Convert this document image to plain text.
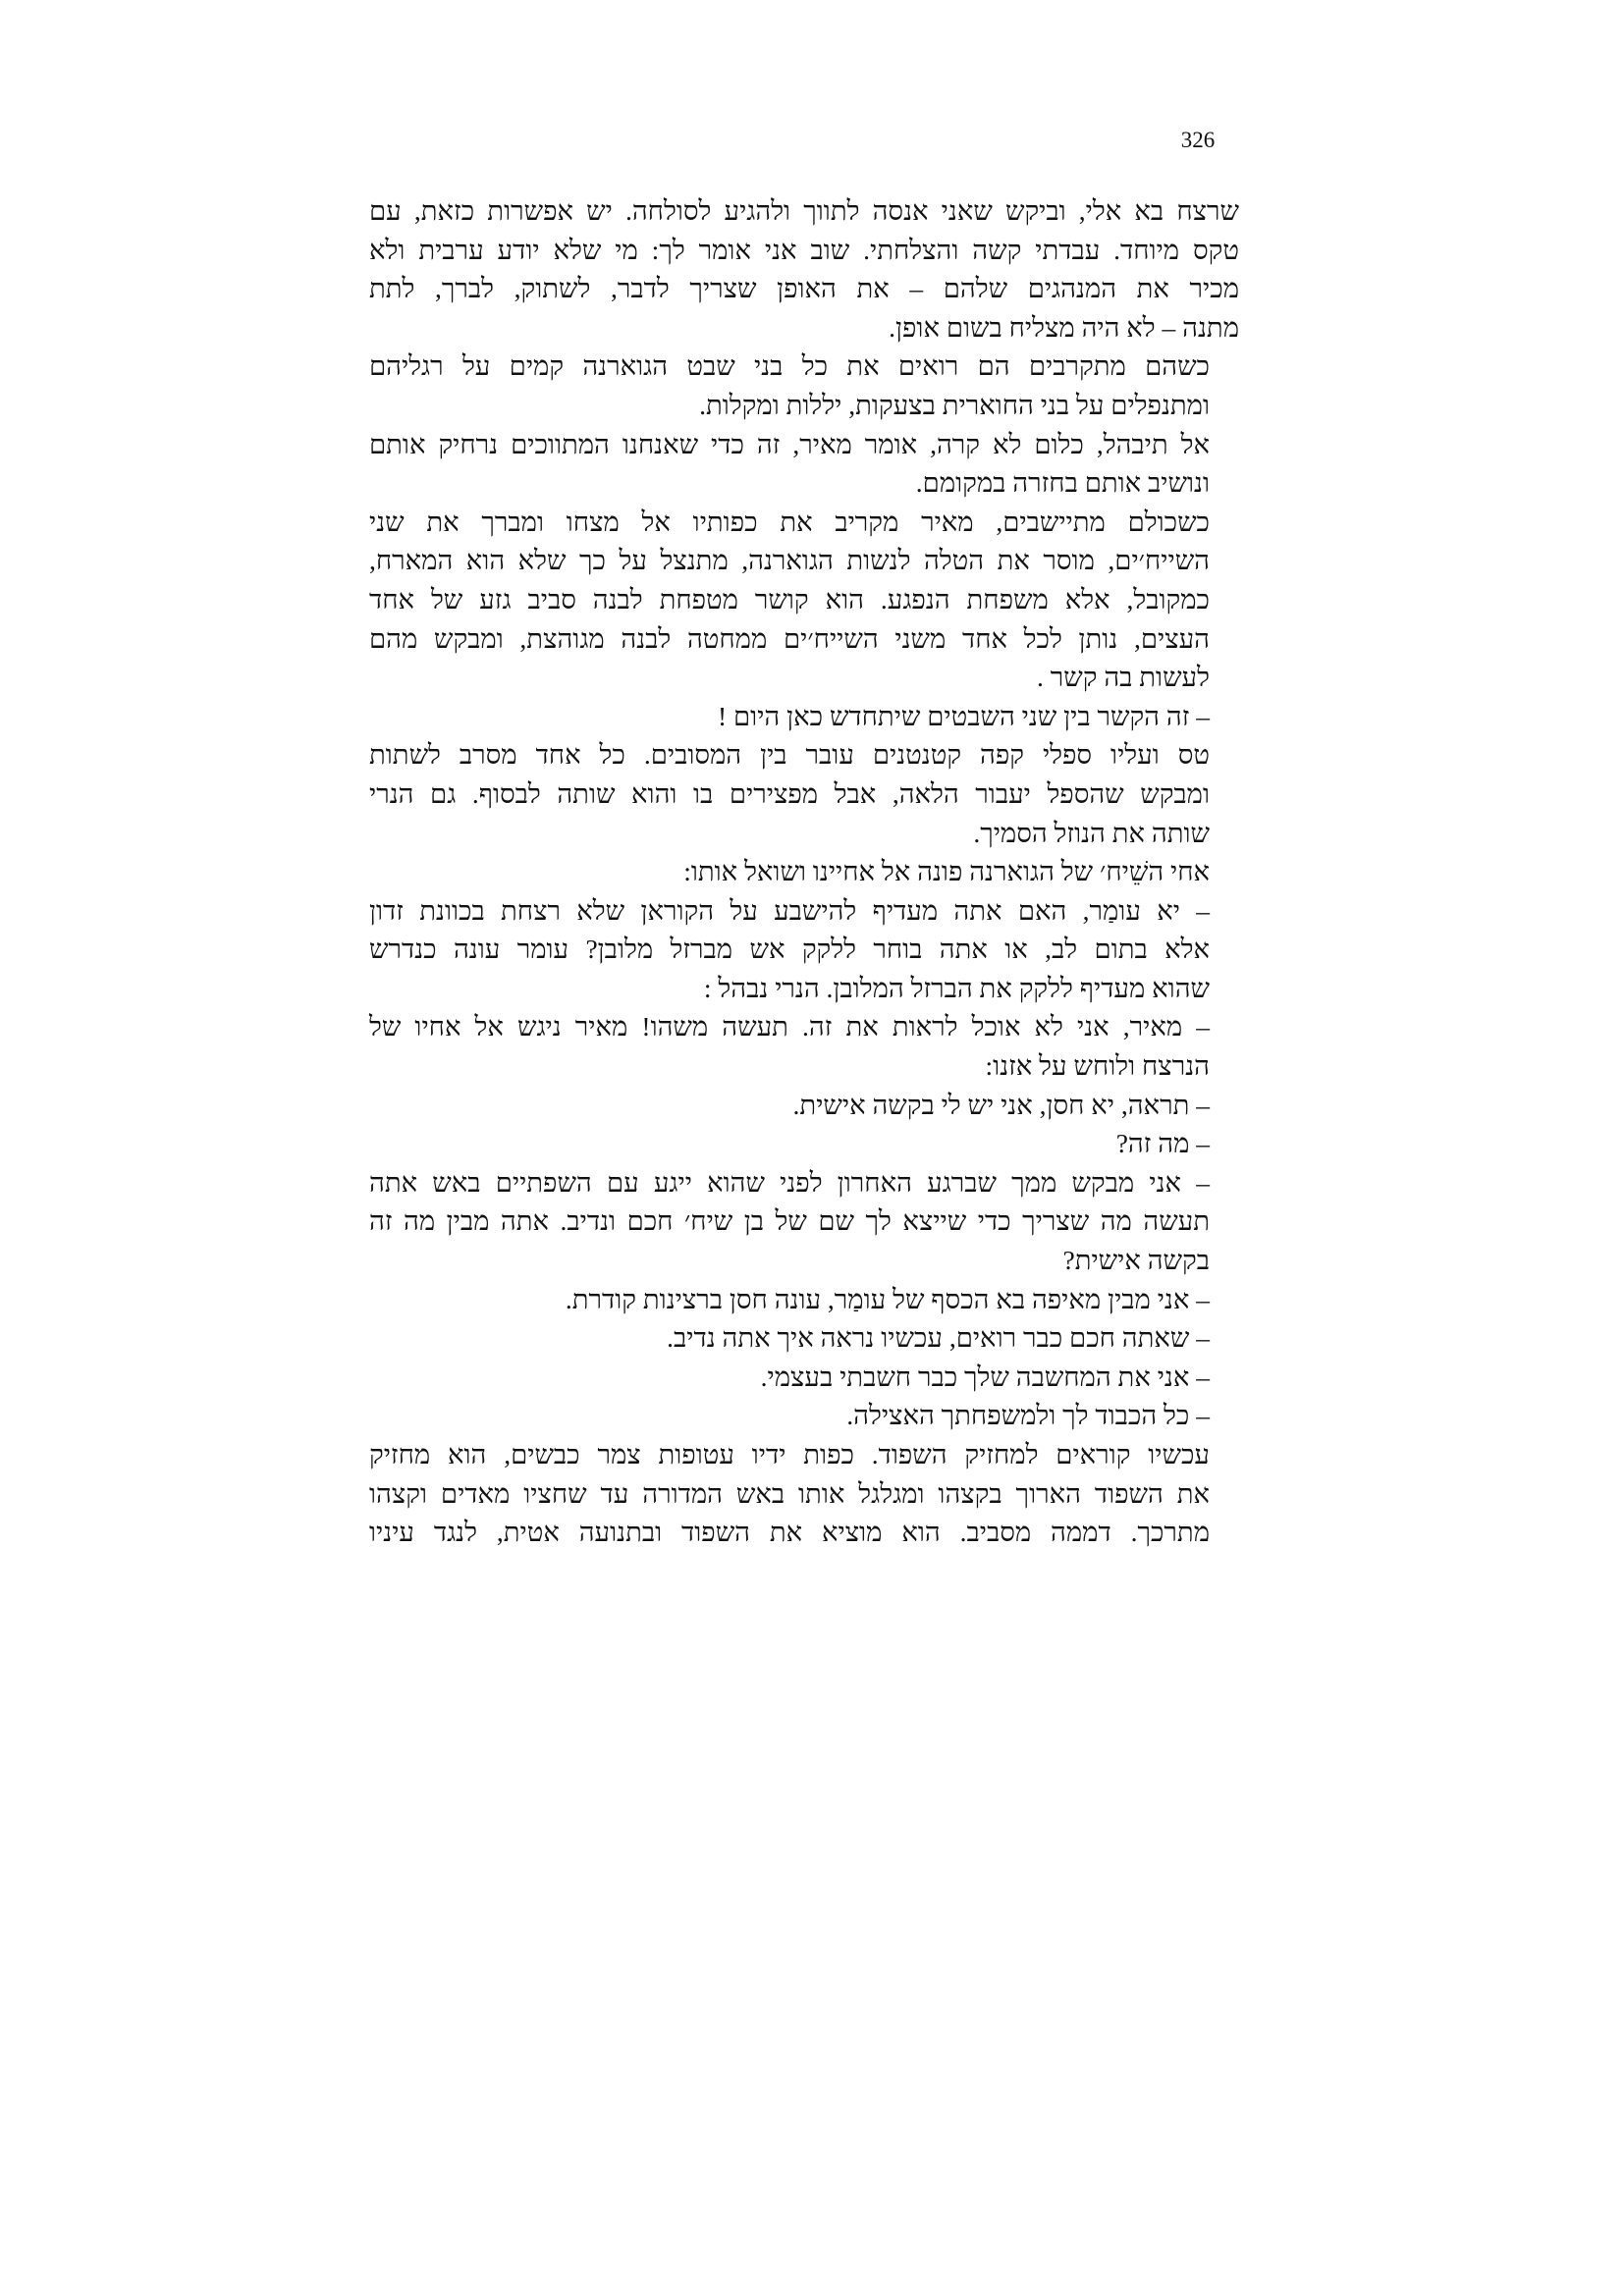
326

שרצח בא אלי, וביקש שאני אנסה לתווך ולהגיע לסולחה. יש אפשרות כזאת, עם
טקס מיוחד. עבדתי קשה והצלחתי. שוב אני אומר לך: מי שלא יודע ערבית ולא
מכיר את המנהגים שלהם – את האופן שצריך לדבר, לשתוק, לברך, לתת
מתנה – לא היה מצליח בשום אופן.

כשהם מתקרבים הם רואים את כל בני שבט הגוארנה קמים על רגליהם
ומתנפלים על בני החוארית בצעקות, יללות ומקלות.

אל תיבהל, כלום לא קרה, אומר מאיר, זה כדי שאנחנו המתווכים נרחיק אותם
ונושיב אותם בחזרה במקומם.

כשכולם מתיישבים, מאיר מקריב את כפותיו אל מצחו ומברך את שני
השייח׳ים, מוסר את הטלה לנשות הגוארנה, מתנצל על כך שלא הוא המארח,
כמקובל, אלא משפחת הנפגע. הוא קושר מטפחת לבנה סביב גזע של אחד
העצים, נותן לכל אחד משני השייח׳ים ממחטה לבנה מגוהצת, ומבקש מהם
לעשות בה קשר .

– זה הקשר בין שני השבטים שיתחדש כאן היום !

טס ועליו ספלי קפה קטנטנים עובר בין המסובים. כל אחד מסרב לשתות
ומבקש שהספל יעבור הלאה, אבל מפצירים בו והוא שותה לבסוף. גם הנרי
שותה את הנוזל הסמיך.

אחי השֵׁיח׳ של הגוארנה פונה אל אחיינו ושואל אותו:

– יא עומַר, האם אתה מעדיף להישבע על הקוראן שלא רצחת בכוונת זדון
אלא בתום לב, או אתה בוחר ללקק אש מברזל מלובן? עומר עונה כנדרש
שהוא מעדיף ללקק את הברזל המלובן. הנרי נבהל :

– מאיר, אני לא אוכל לראות את זה. תעשה משהו! מאיר ניגש אל אחיו של
הנרצח ולוחש על אזנו:

– תראה, יא חסן, אני יש לי בקשה אישית.

– מה זה?

– אני מבקש ממך שברגע האחרון לפני שהוא ייגע עם השפתיים באש אתה
תעשה מה שצריך כדי שייצא לך שם של בן שיח׳ חכם ונדיב. אתה מבין מה זה
בקשה אישית?

– אני מבין מאיפה בא הכסף של עומַר, עונה חסן ברצינות קודרת.

– שאתה חכם כבר רואים, עכשיו נראה איך אתה נדיב.

– אני את המחשבה שלך כבר חשבתי בעצמי.

– כל הכבוד לך ולמשפחתך האצילה.

עכשיו קוראים למחזיק השפוד. כפות ידיו עטופות צמר כבשים, הוא מחזיק
את השפוד הארוך בקצהו ומגלגל אותו באש המדורה עד שחציו מאדים וקצהו
מתרכך. דממה מסביב. הוא מוציא את השפוד ובתנועה אטית, לנגד עיניו
